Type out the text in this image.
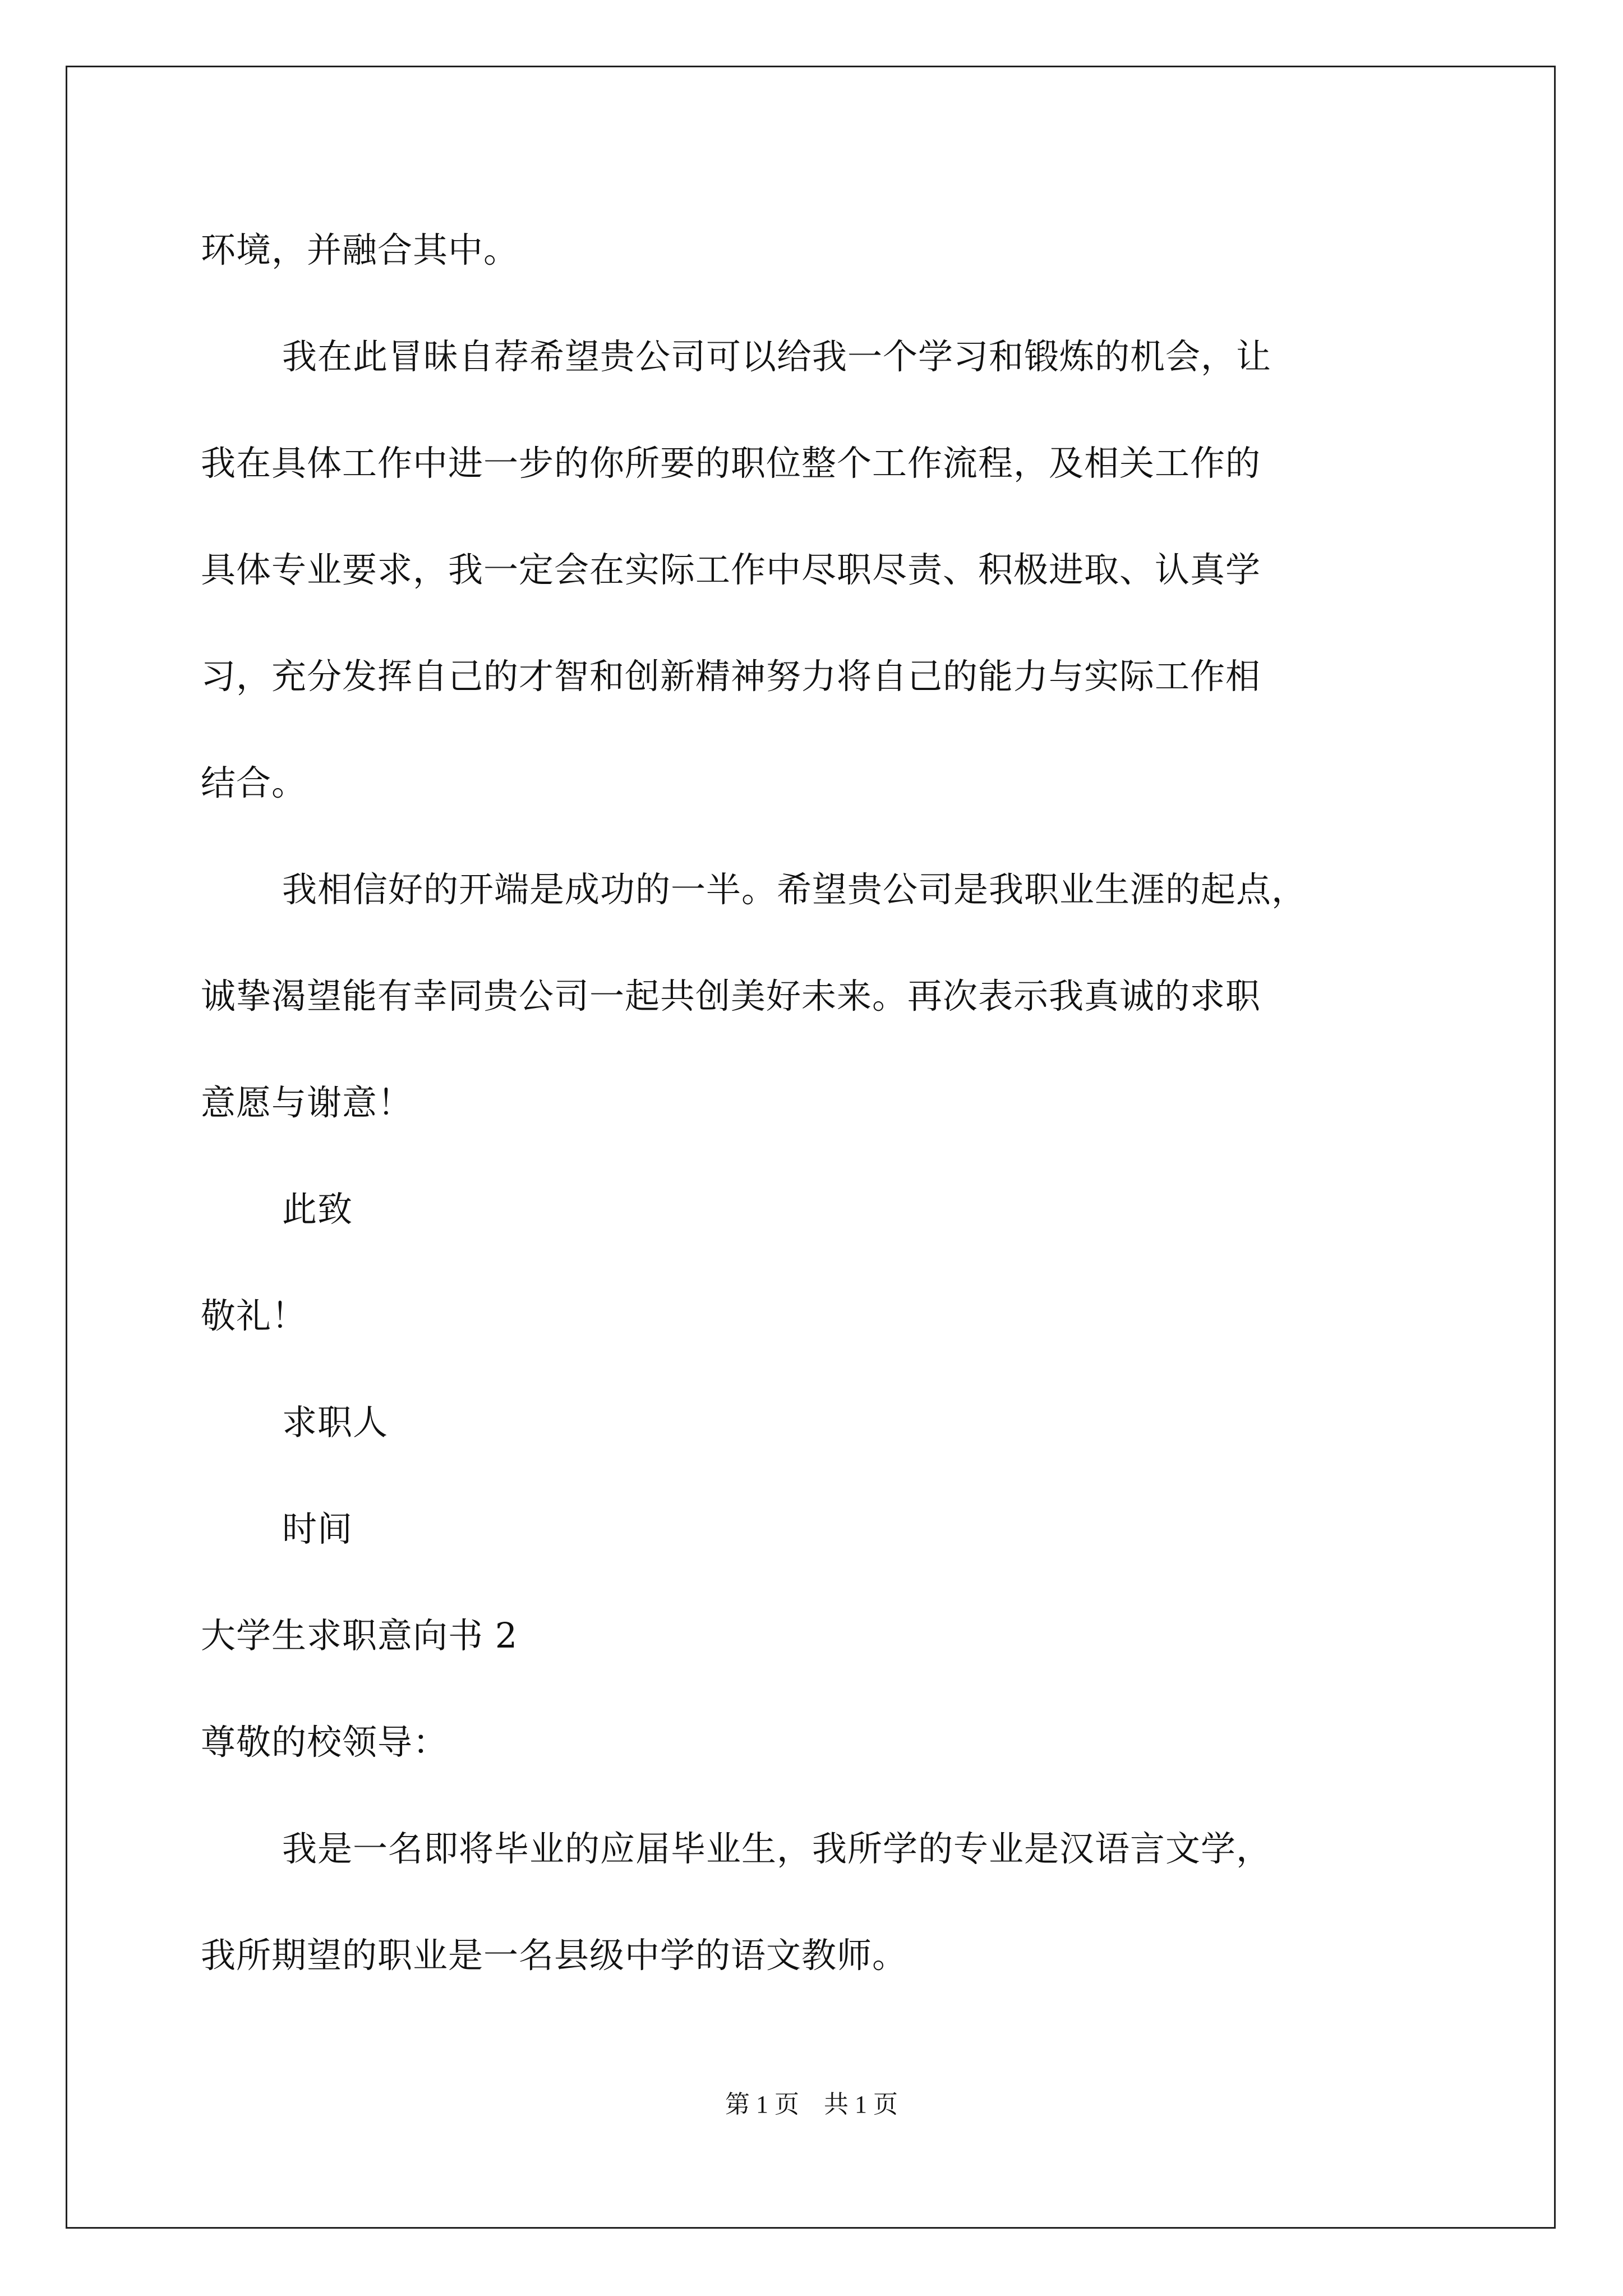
环境，并融合其中。
我在此冒昧自荐希望贵公司可以给我一个学习和锻炼的机会，让
我在具体工作中进一步的你所要的职位整个工作流程，及相关工作的
具体专业要求，我一定会在实际工作中尽职尽责、积极进取、认真学
习，充分发挥自己的才智和创新精神努力将自己的能力与实际工作相
结合。
我相信好的开端是成功的一半。希望贵公司是我职业生涯的起点，
诚挚渴望能有幸同贵公司一起共创美好未来。再次表示我真诚的求职
意愿与谢意！
此致
敬礼！
求职人
时间
大学生求职意向书 2
尊敬的校领导：
我是一名即将毕业的应届毕业生，我所学的专业是汉语言文学，
我所期望的职业是一名县级中学的语文教师。
第 1 页　共 1 页
